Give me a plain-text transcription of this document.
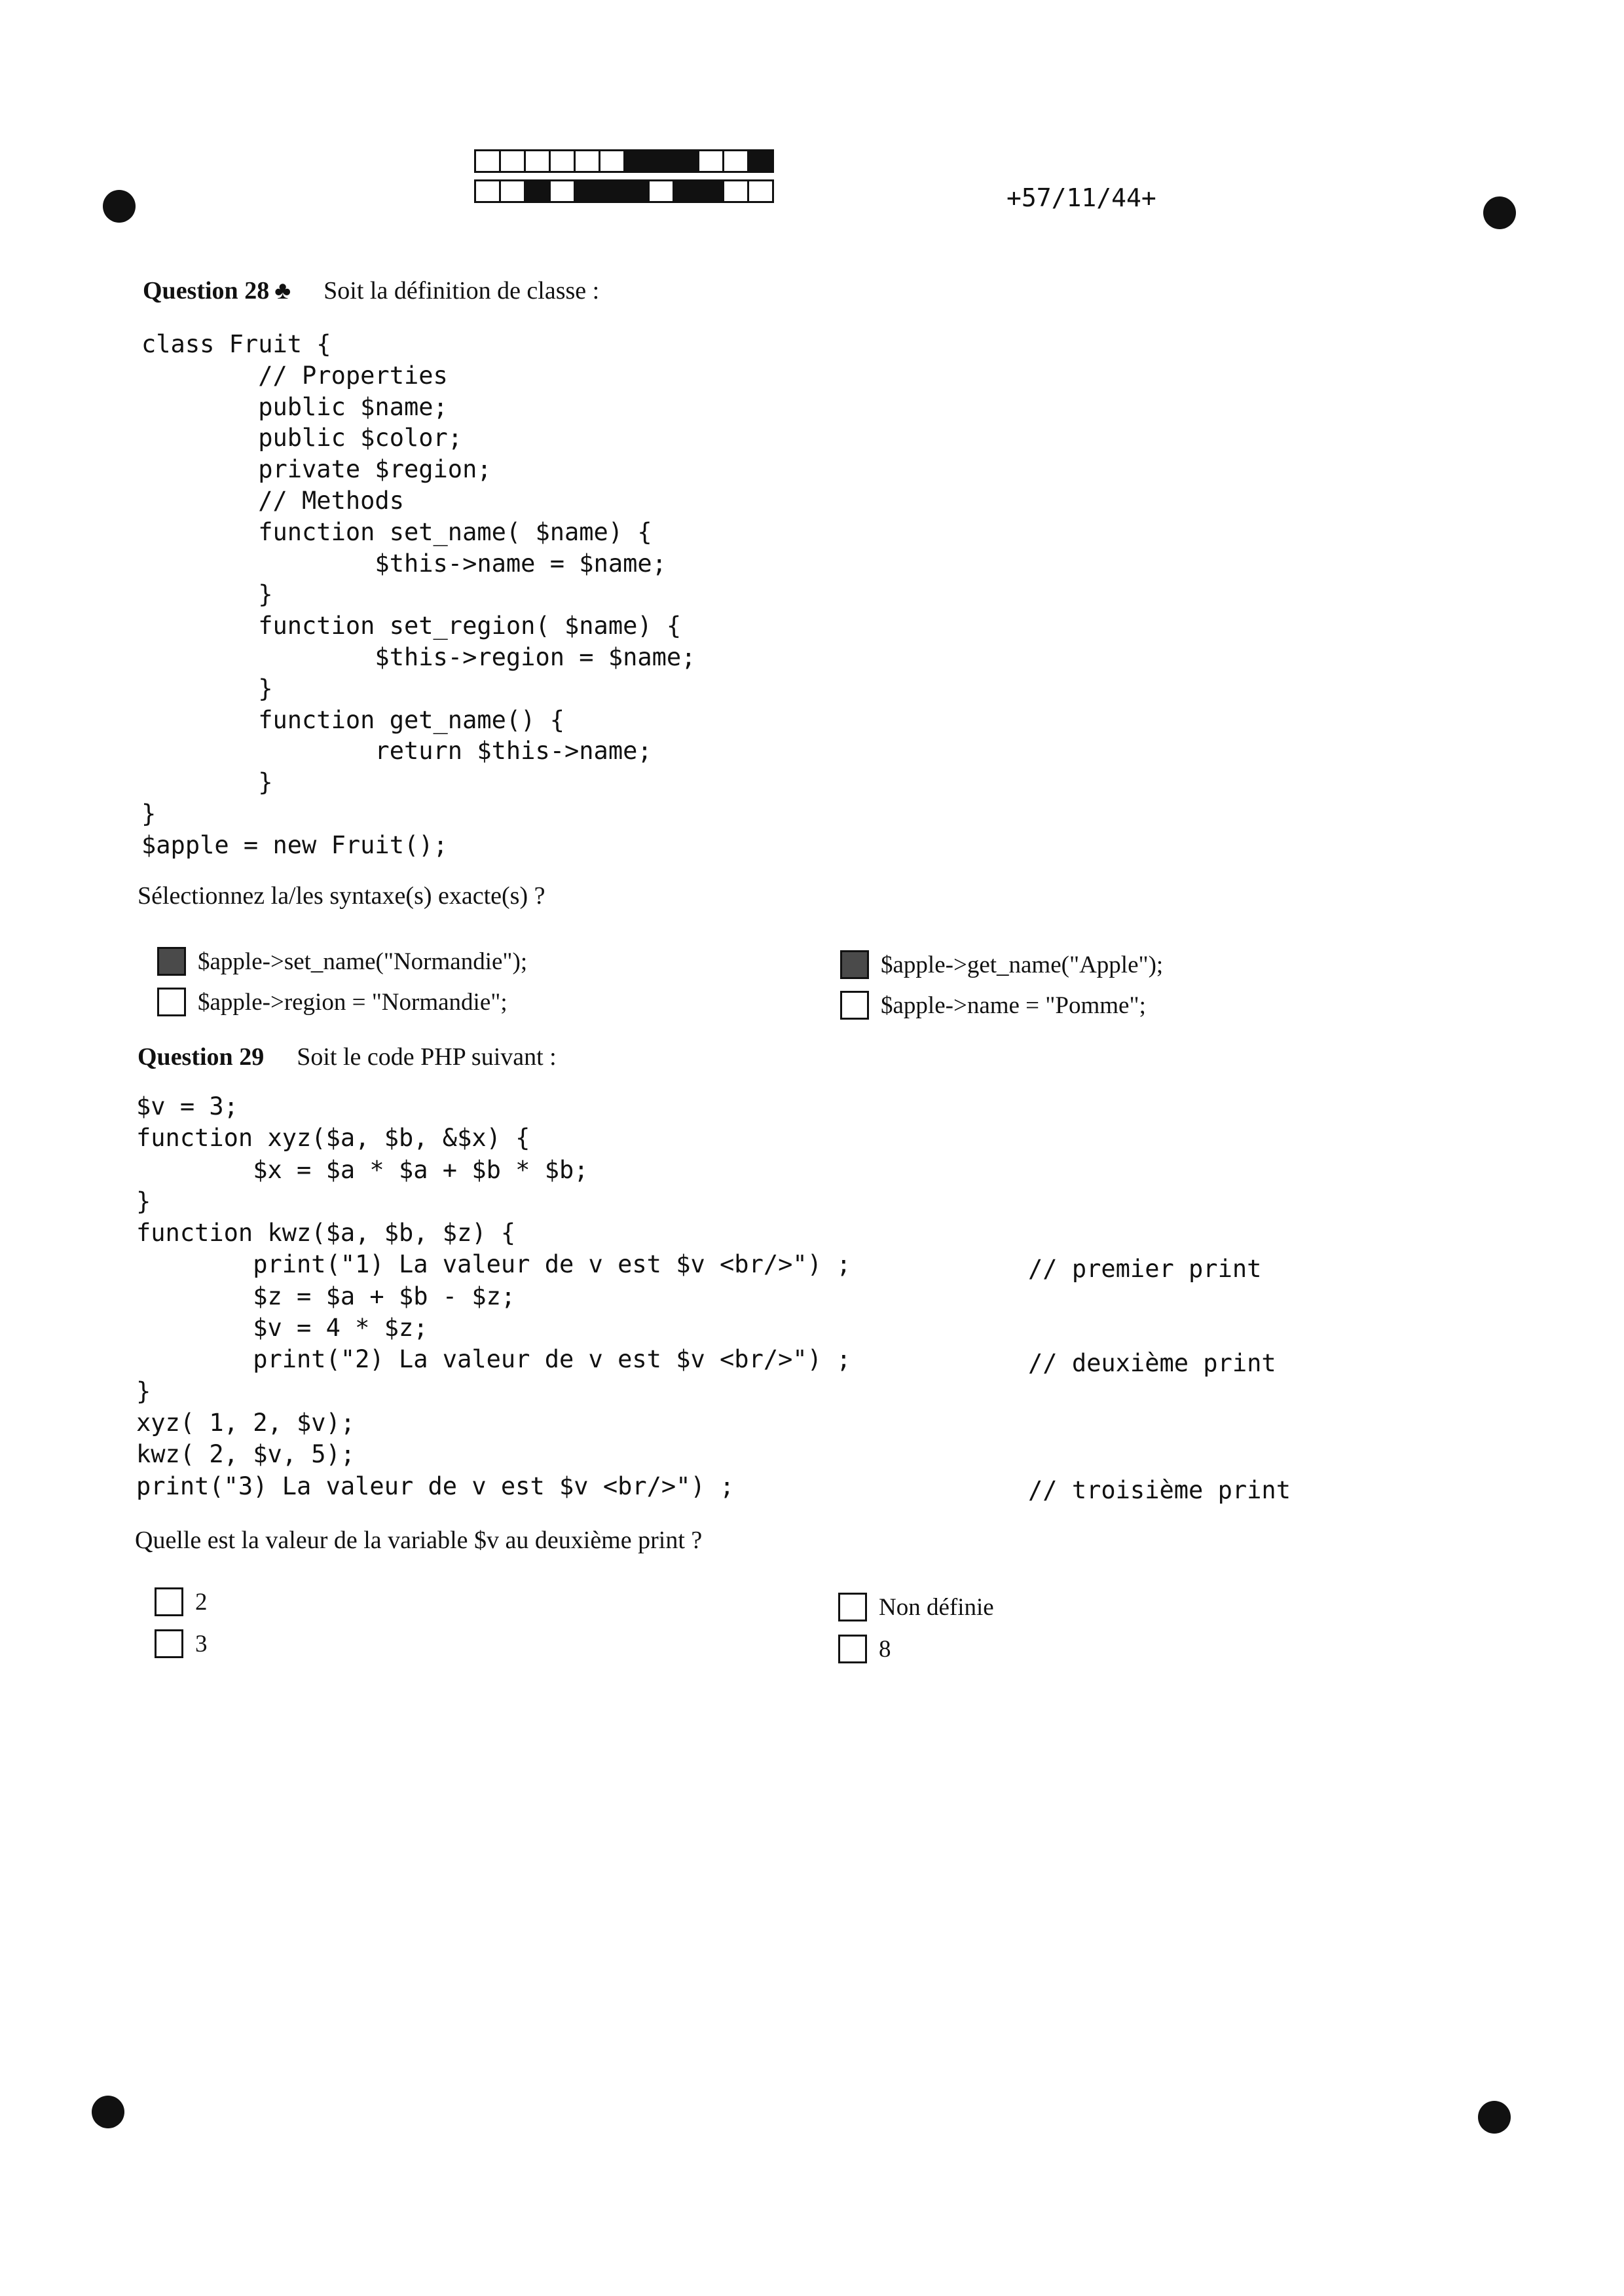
+57/11/44+
Question 28 ♣ Soit la définition de classe :
class Fruit {
// Properties
public $name;
public $color;
private $region;
// Methods
function set_name( $name) {
$this->name = $name;
}
function set_region( $name) {
$this->region = $name;
}
function get_name() {
return $this->name;
}
}
$apple = new Fruit();
Sélectionnez la/les syntaxe(s) exacte(s) ?
$apple->set_name("Normandie");
$apple->region = "Normandie";
$apple->get_name("Apple");
$apple->name = "Pomme";
Question 29 Soit le code PHP suivant :
$v = 3;
function xyz($a, $b, &$x) {
$x = $a * $a + $b * $b;
}
function kwz($a, $b, $z) {
print("1) La valeur de v est $v <br/>") ;
$z = $a + $b - $z;
$v = 4 * $z;
print("2) La valeur de v est $v <br/>") ;
}
xyz( 1, 2, $v);
kwz( 2, $v, 5);
print("3) La valeur de v est $v <br/>") ;
// premier print
// deuxième print
// troisième print
Quelle est la valeur de la variable $v au deuxième print ?
2
3
Non définie
8
